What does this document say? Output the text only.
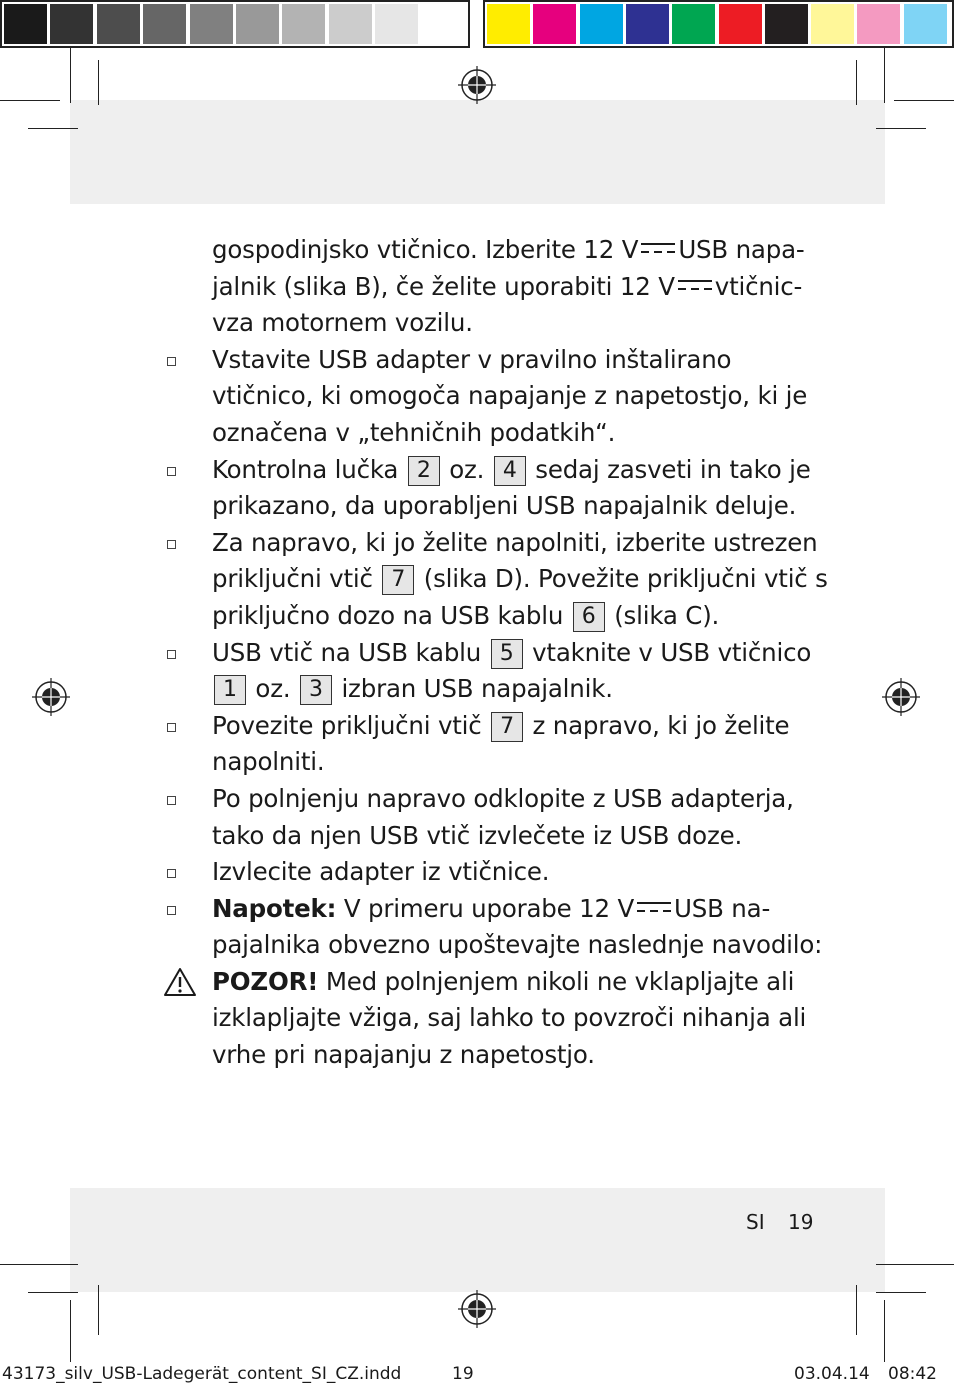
gospodinjsko vtičnico. Izberite 12 V USB napa-
jalnik (slika B), če želite uporabiti 12 V vtičnic-
vza motornem vozilu.
Vstavite USB adapter v pravilno inštalirano
vtičnico, ki omogoča napajanje z napetostjo, ki je
označena v „tehničnih podatkih“.
Kontrolna lučka 2 oz. 4 sedaj zasveti in tako je
prikazano, da uporabljeni USB napajalnik deluje.
Za napravo, ki jo želite napolniti, izberite ustrezen
priključni vtič 7 (slika D). Povežite priključni vtič s
priključno dozo na USB kablu 6 (slika C).
USB vtič na USB kablu 5 vtaknite v USB vtičnico
1 oz. 3 izbran USB napajalnik.
Povezite priključni vtič 7 z napravo, ki jo želite
napolniti.
Po polnjenju napravo odklopite z USB adapterja,
tako da njen USB vtič izvlečete iz USB doze.
Izvlecite adapter iz vtičnice.
Napotek: V primeru uporabe 12 V USB na-
pajalnika obvezno upoštevajte naslednje navodilo:
POZOR! Med polnjenjem nikoli ne vklapljajte ali
izklapljajte vžiga, saj lahko to povzroči nihanja ali
vrhe pri napajanju z napetostjo.
SI 19
43173_silv_USB-Ladegerät_content_SI_CZ.indd	19	03.04.14 08:42
